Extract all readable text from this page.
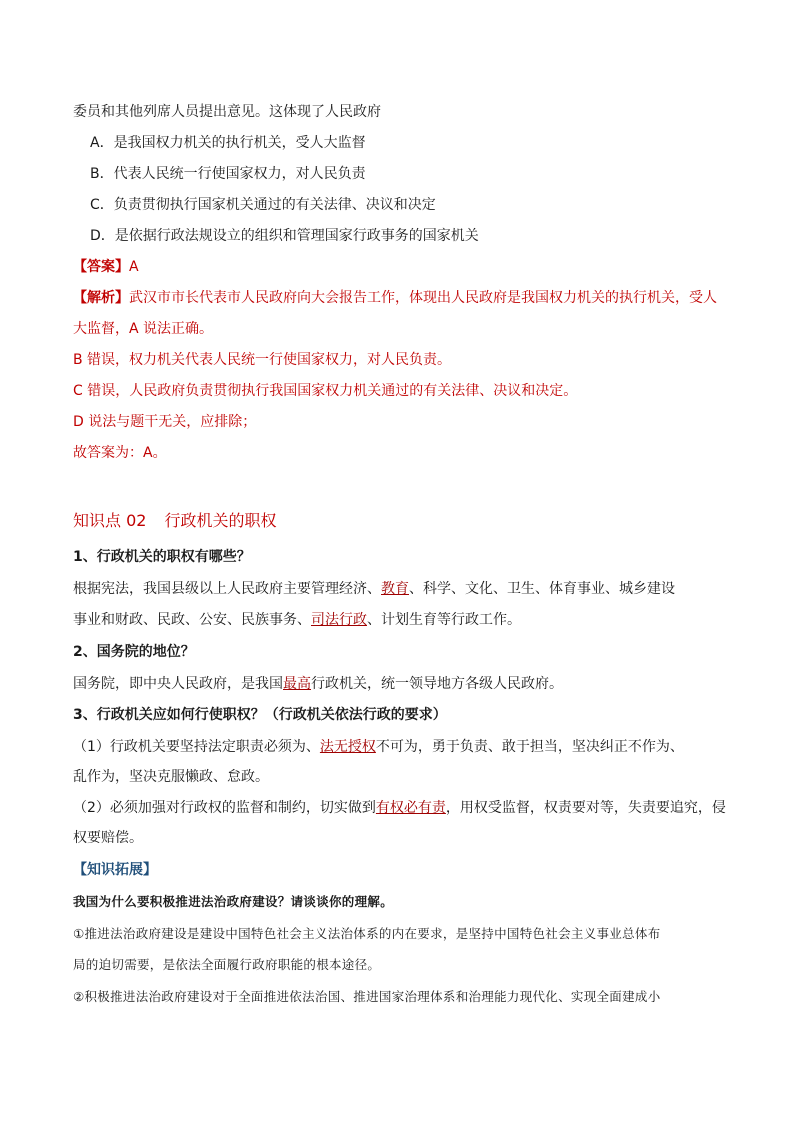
委员和其他列席人员提出意见。这体现了人民政府
A．是我国权力机关的执行机关，受人大监督
B．代表人民统一行使国家权力，对人民负责
C．负责贯彻执行国家机关通过的有关法律、决议和决定
D．是依据行政法规设立的组织和管理国家行政事务的国家机关
【答案】A
【解析】武汉市市长代表市人民政府向大会报告工作，体现出人民政府是我国权力机关的执行机关，受人
大监督，A 说法正确。
B 错误，权力机关代表人民统一行使国家权力，对人民负责。
C 错误，人民政府负责贯彻执行我国国家权力机关通过的有关法律、决议和决定。
D 说法与题干无关，应排除；
故答案为：A。
知识点 02 行政机关的职权
1、行政机关的职权有哪些？
根据宪法，我国县级以上人民政府主要管理经济、教育、科学、文化、卫生、体育事业、城乡建设
事业和财政、民政、公安、民族事务、司法行政、计划生育等行政工作。
2、国务院的地位？
国务院，即中央人民政府，是我国最高行政机关，统一领导地方各级人民政府。
3、行政机关应如何行使职权？（行政机关依法行政的要求）
（1）行政机关要坚持法定职责必须为、法无授权不可为，勇于负责、敢于担当，坚决纠正不作为、
乱作为，坚决克服懒政、怠政。
（2）必须加强对行政权的监督和制约，切实做到有权必有责，用权受监督，权责要对等，失责要追究，侵
权要赔偿。
【知识拓展】
我国为什么要积极推进法治政府建设？请谈谈你的理解。
①推进法治政府建设是建设中国特色社会主义法治体系的内在要求，是坚持中国特色社会主义事业总体布
局的迫切需要，是依法全面履行政府职能的根本途径。
②积极推进法治政府建设对于全面推进依法治国、推进国家治理体系和治理能力现代化、实现全面建成小
